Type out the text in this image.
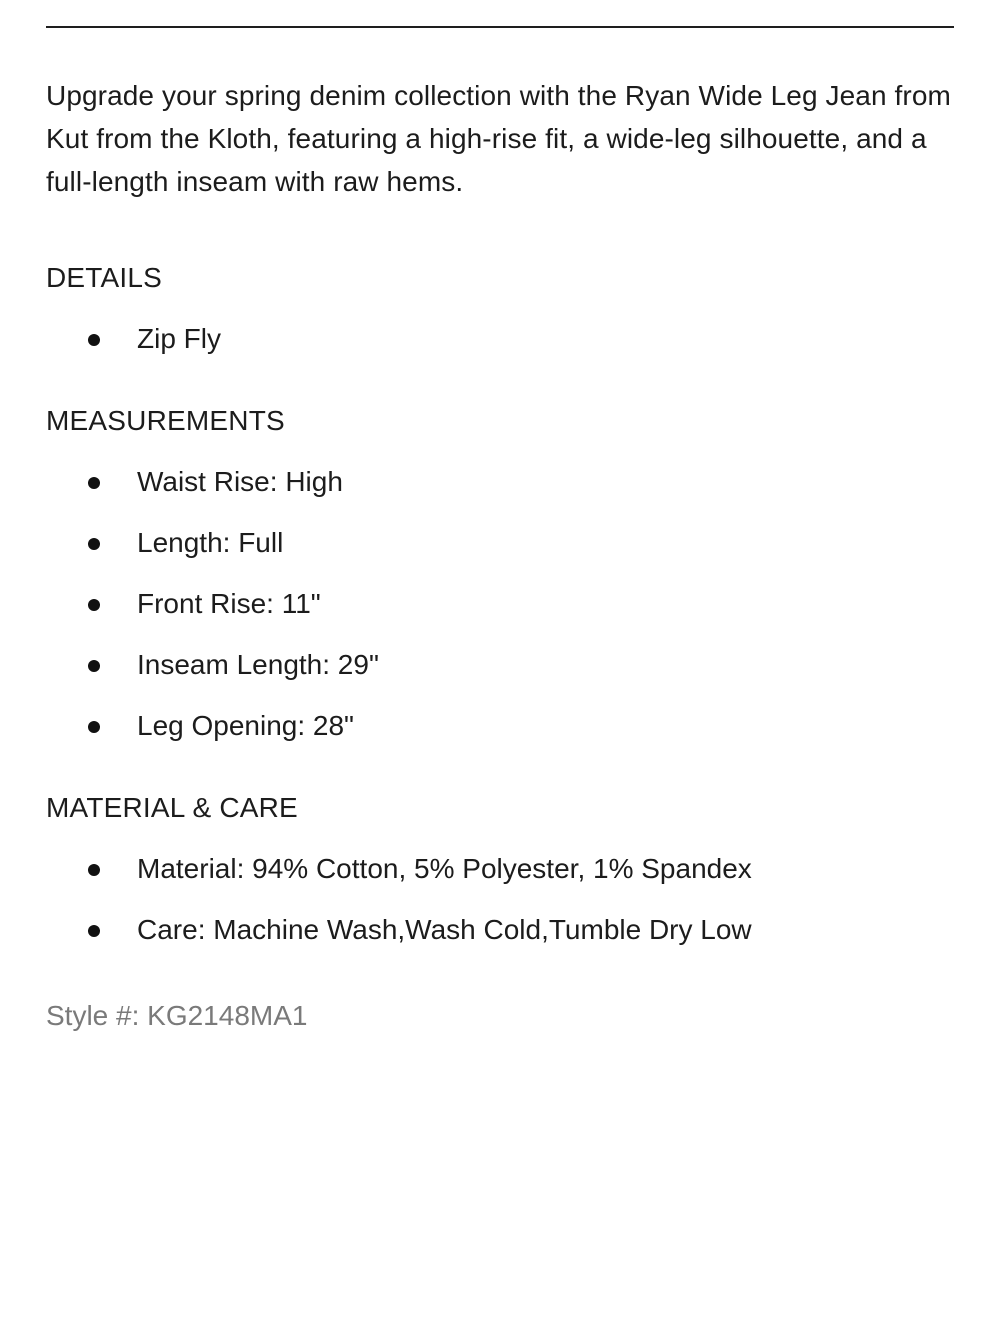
Upgrade your spring denim collection with the Ryan Wide Leg Jean from Kut from the Kloth, featuring a high-rise fit, a wide-leg silhouette, and a full-length inseam with raw hems.

DETAILS
Zip Fly
MEASUREMENTS
Waist Rise: High
Length: Full
Front Rise: 11"
Inseam Length: 29"
Leg Opening: 28"
MATERIAL & CARE
Material: 94% Cotton, 5% Polyester, 1% Spandex
Care: Machine Wash,Wash Cold,Tumble Dry Low

Style #: KG2148MA1
